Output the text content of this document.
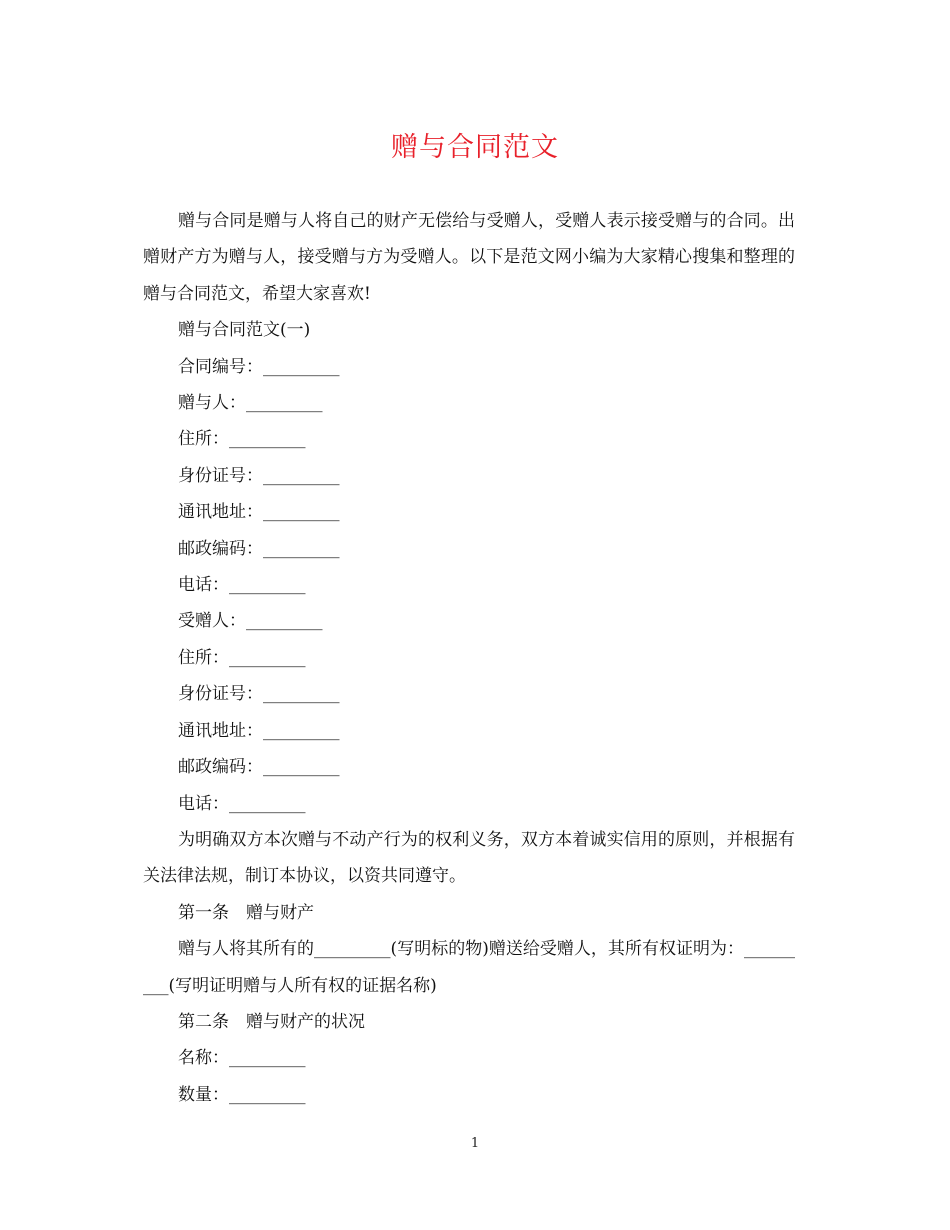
赠与合同范文

赠与合同是赠与人将自己的财产无偿给与受赠人，受赠人表示接受赠与的合同。出赠财产方为赠与人，接受赠与方为受赠人。以下是范文网小编为大家精心搜集和整理的赠与合同范文，希望大家喜欢!

赠与合同范文(一)

合同编号：_________

赠与人：_________

住所：_________

身份证号：_________

通讯地址：_________

邮政编码：_________

电话：_________

受赠人：_________

住所：_________

身份证号：_________

通讯地址：_________

邮政编码：_________

电话：_________

为明确双方本次赠与不动产行为的权利义务，双方本着诚实信用的原则，并根据有关法律法规，制订本协议，以资共同遵守。

第一条　赠与财产

赠与人将其所有的_________(写明标的物)赠送给受赠人，其所有权证明为：_________(写明证明赠与人所有权的证据名称)

第二条　赠与财产的状况

名称：_________

数量：_________

1
